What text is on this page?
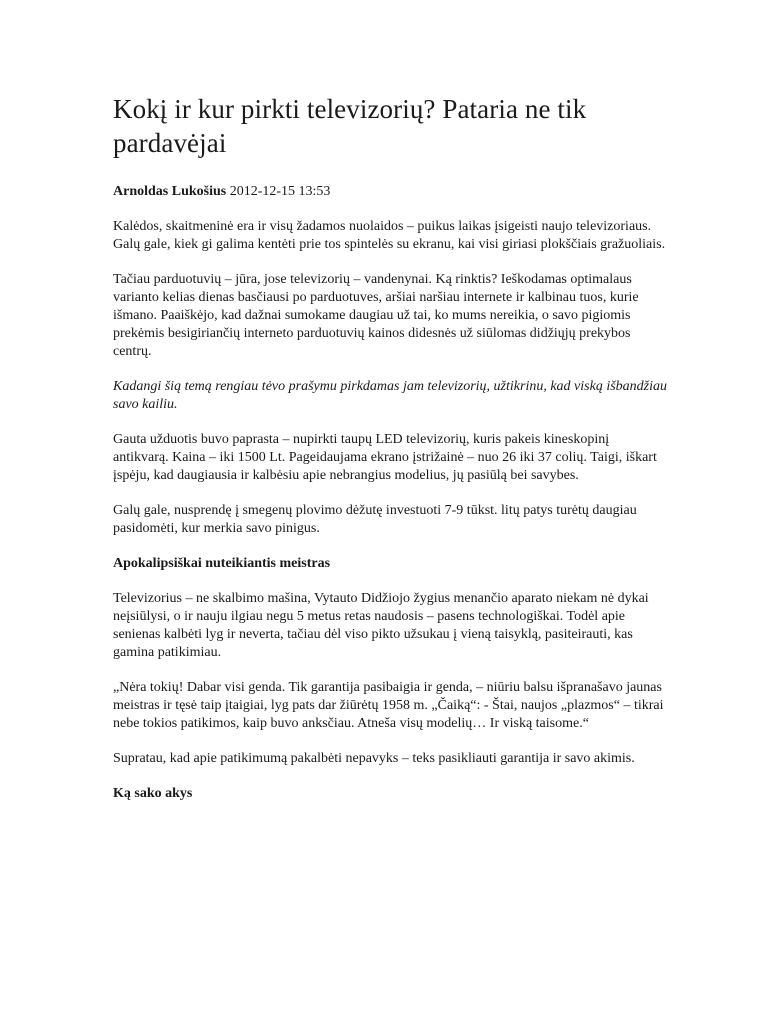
Kokį ir kur pirkti televizorių? Pataria ne tik pardavėjai
Arnoldas Lukošius 2012-12-15 13:53

Kalėdos, skaitmeninė era ir visų žadamos nuolaidos – puikus laikas įsigeisti naujo televizoriaus. Galų gale, kiek gi galima kentėti prie tos spintelės su ekranu, kai visi giriasi plokščiais gražuoliais.

Tačiau parduotuvių – jūra, jose televizorių – vandenynai. Ką rinktis? Ieškodamas optimalaus varianto kelias dienas basčiausi po parduotuves, aršiai naršiau internete ir kalbinau tuos, kurie išmano. Paaiškėjo, kad dažnai sumokame daugiau už tai, ko mums nereikia, o savo pigiomis prekėmis besigiriančių interneto parduotuvių kainos didesnės už siūlomas didžiųjų prekybos centrų.

Kadangi šią temą rengiau tėvo prašymu pirkdamas jam televizorių, užtikrinu, kad viską išbandžiau savo kailiu.

Gauta užduotis buvo paprasta – nupirkti taupų LED televizorių, kuris pakeis kineskopinį antikvarą. Kaina – iki 1500 Lt. Pageidaujama ekrano įstrižainė – nuo 26 iki 37 colių. Taigi, iškart įspėju, kad daugiausia ir kalbėsiu apie nebrangius modelius, jų pasiūlą bei savybes.

Galų gale, nusprendę į smegenų plovimo dėžutę investuoti 7-9 tūkst. litų patys turėtų daugiau pasidomėti, kur merkia savo pinigus.

Apokalipsiškai nuteikiantis meistras

Televizorius – ne skalbimo mašina, Vytauto Didžiojo žygius menančio aparato niekam nė dykai neįsiūlysi, o ir nauju ilgiau negu 5 metus retas naudosis – pasens technologiškai. Todėl apie senienas kalbėti lyg ir neverta, tačiau dėl viso pikto užsukau į vieną taisyklą, pasiteirauti, kas gamina patikimiau.

„Nėra tokių! Dabar visi genda. Tik garantija pasibaigia ir genda, – niūriu balsu išpranašavo jaunas meistras ir tęsė taip įtaigiai, lyg pats dar žiūrėtų 1958 m. „Čaiką“: - Štai, naujos „plazmos“ – tikrai nebe tokios patikimos, kaip buvo anksčiau. Atneša visų modelių… Ir viską taisome.“

Supratau, kad apie patikimumą pakalbėti nepavyks – teks pasikliauti garantija ir savo akimis.

Ką sako akys
